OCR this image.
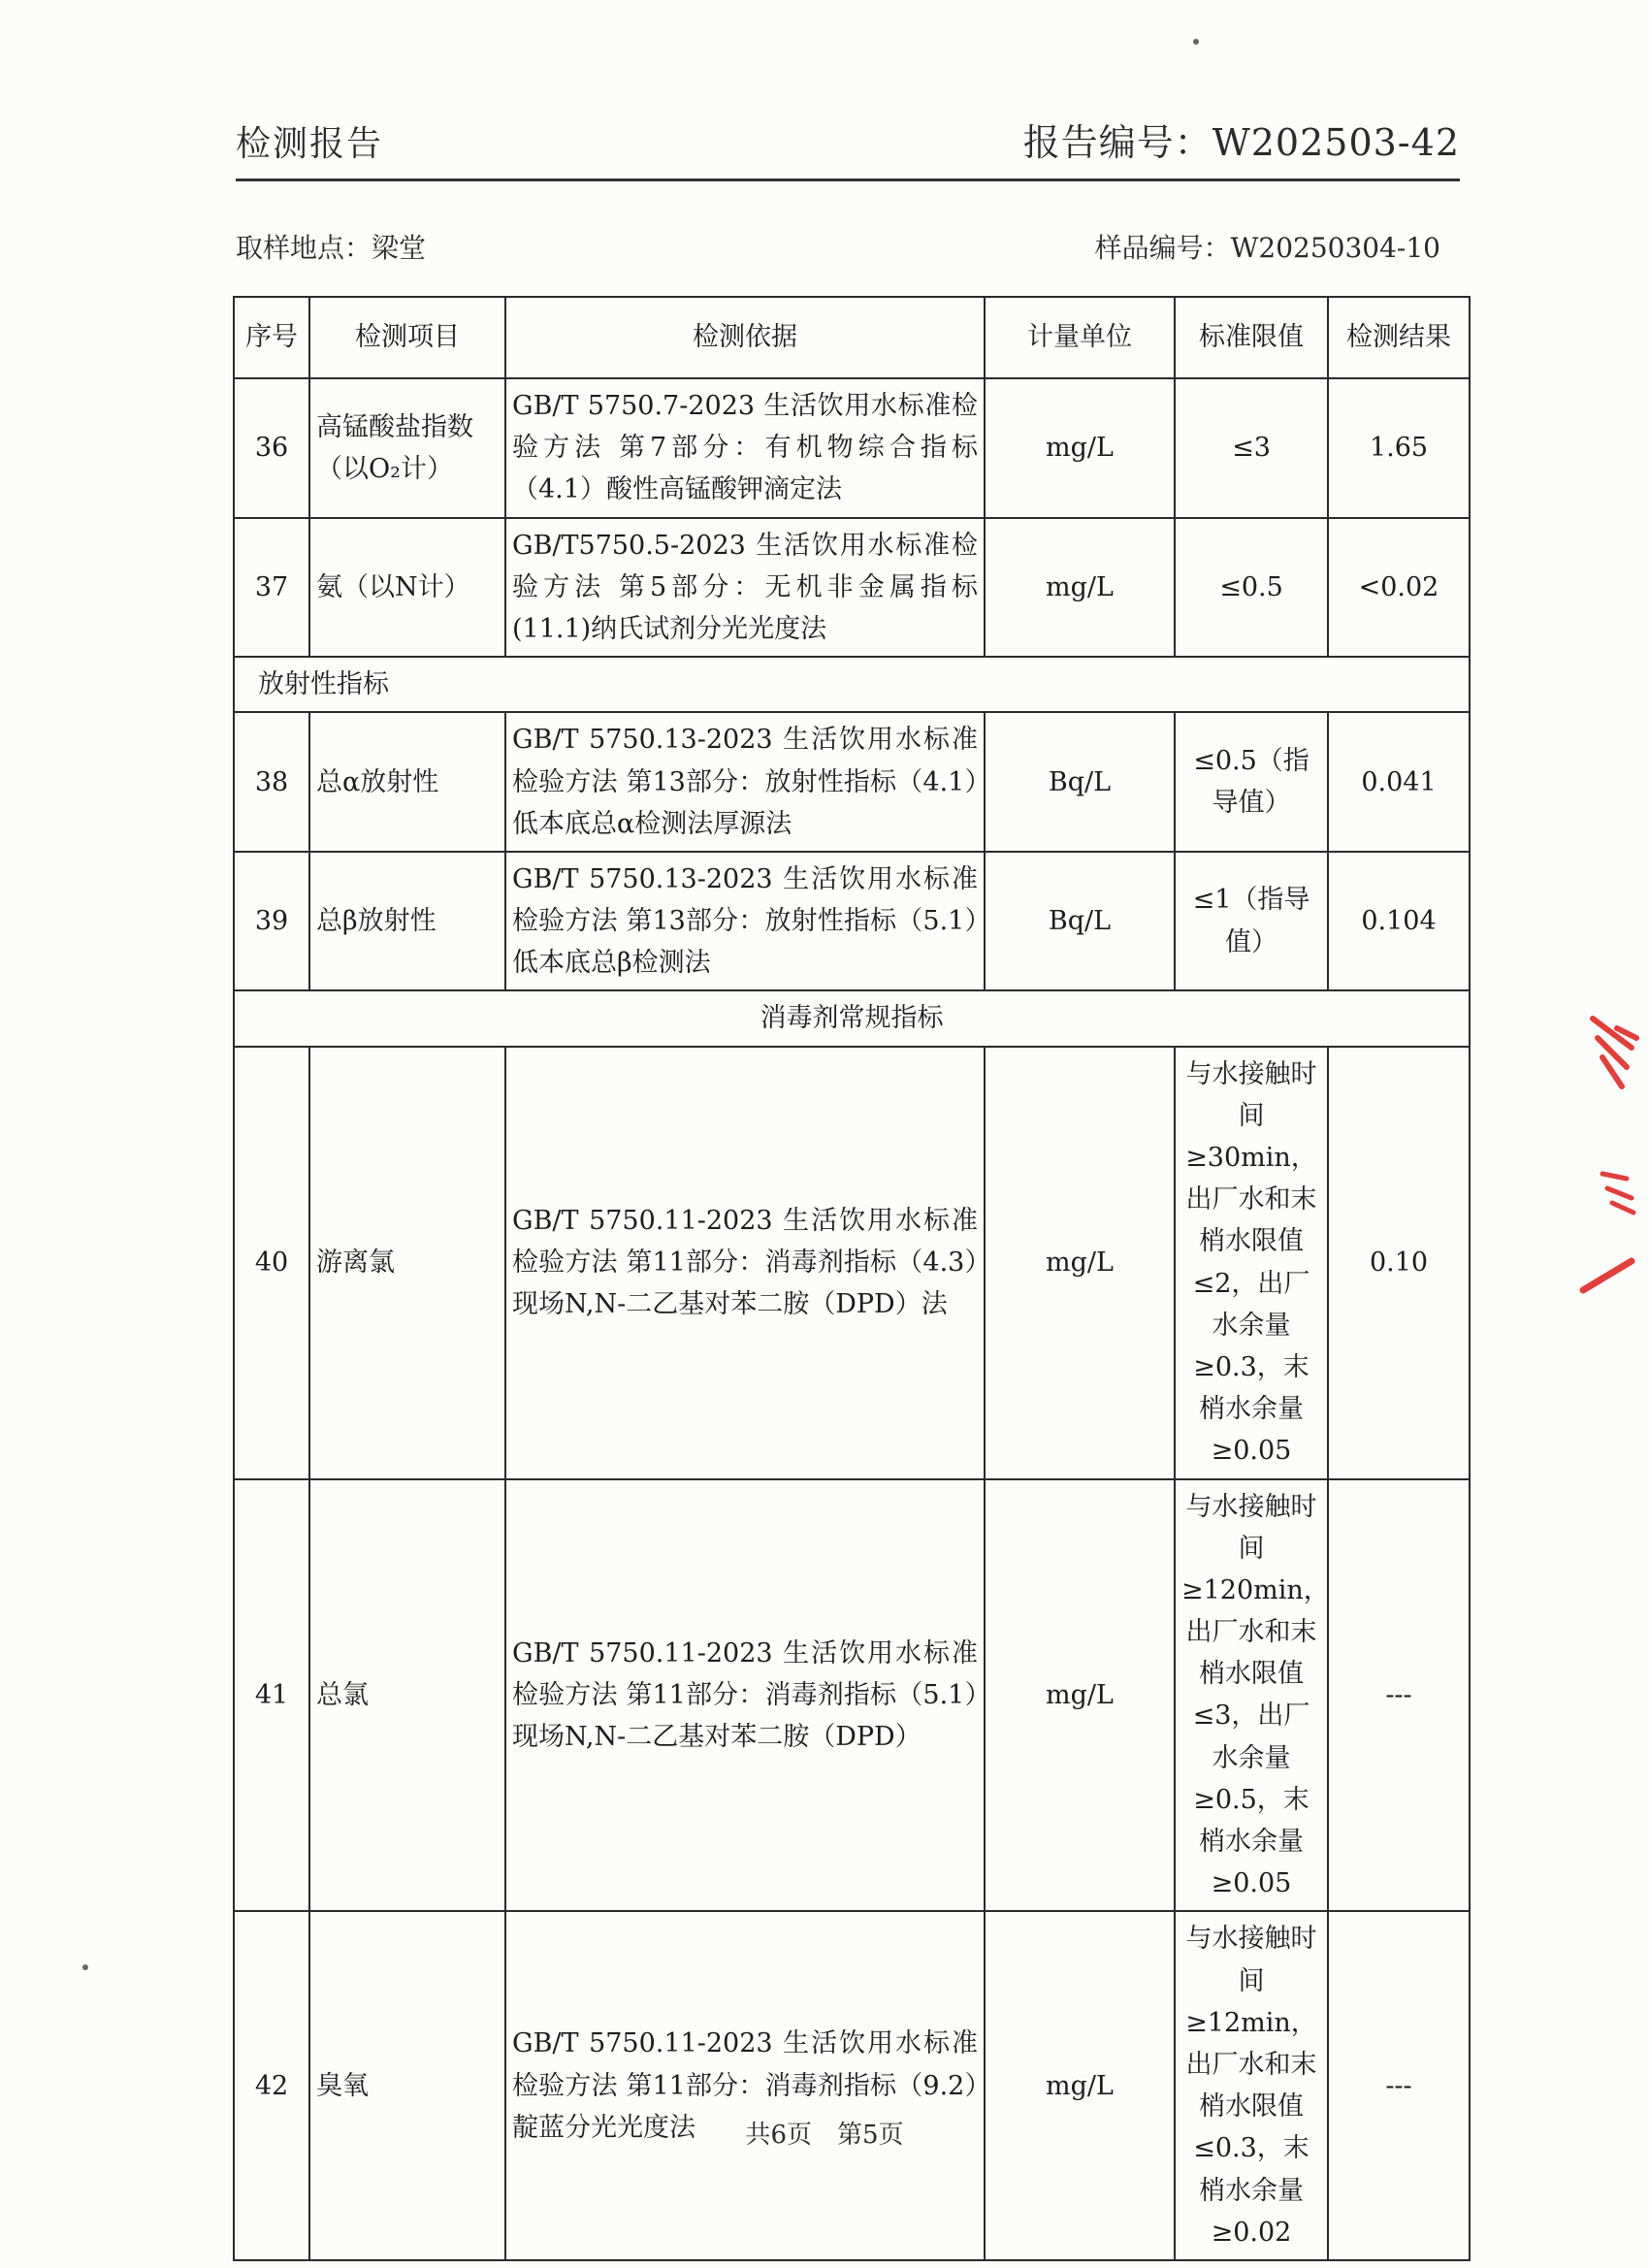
检测报告	报告编号：W202503-42
取样地点：梁堂	样品编号：W20250304-10
序号	检测项目	检测依据	计量单位	标准限值	检测结果
36	高锰酸盐指数（以O₂计）	GB/T 5750.7-2023 生活饮用水标准检验方法 第7部分：有机物综合指标（4.1）酸性高锰酸钾滴定法	mg/L	≤3	1.65
37	氨（以N计）	GB/T5750.5-2023 生活饮用水标准检验方法 第5部分：无机非金属指标(11.1)纳氏试剂分光光度法	mg/L	≤0.5	<0.02
放射性指标					
38	总α放射性	GB/T 5750.13-2023 生活饮用水标准检验方法 第13部分：放射性指标（4.1）低本底总α检测法厚源法	Bq/L	≤0.5（指导值）	0.041
39	总β放射性	GB/T 5750.13-2023 生活饮用水标准检验方法 第13部分：放射性指标（5.1）低本底总β检测法	Bq/L	≤1（指导值）	0.104
消毒剂常规指标					
40	游离氯	GB/T 5750.11-2023 生活饮用水标准检验方法 第11部分：消毒剂指标（4.3）现场N,N-二乙基对苯二胺（DPD）法	mg/L	与水接触时间≥30min，出厂水和末梢水限值≤2，出厂水余量≥0.3，末梢水余量≥0.05	0.10
41	总氯	GB/T 5750.11-2023 生活饮用水标准检验方法 第11部分：消毒剂指标（5.1）现场N,N-二乙基对苯二胺（DPD）	mg/L	与水接触时间≥120min，出厂水和末梢水限值≤3，出厂水余量≥0.5，末梢水余量≥0.05	---
42	臭氧	GB/T 5750.11-2023 生活饮用水标准检验方法 第11部分：消毒剂指标（9.2）靛蓝分光光度法	mg/L	与水接触时间≥12min，出厂水和末梢水限值≤0.3，末梢水余量≥0.02	---
共6页　第5页
